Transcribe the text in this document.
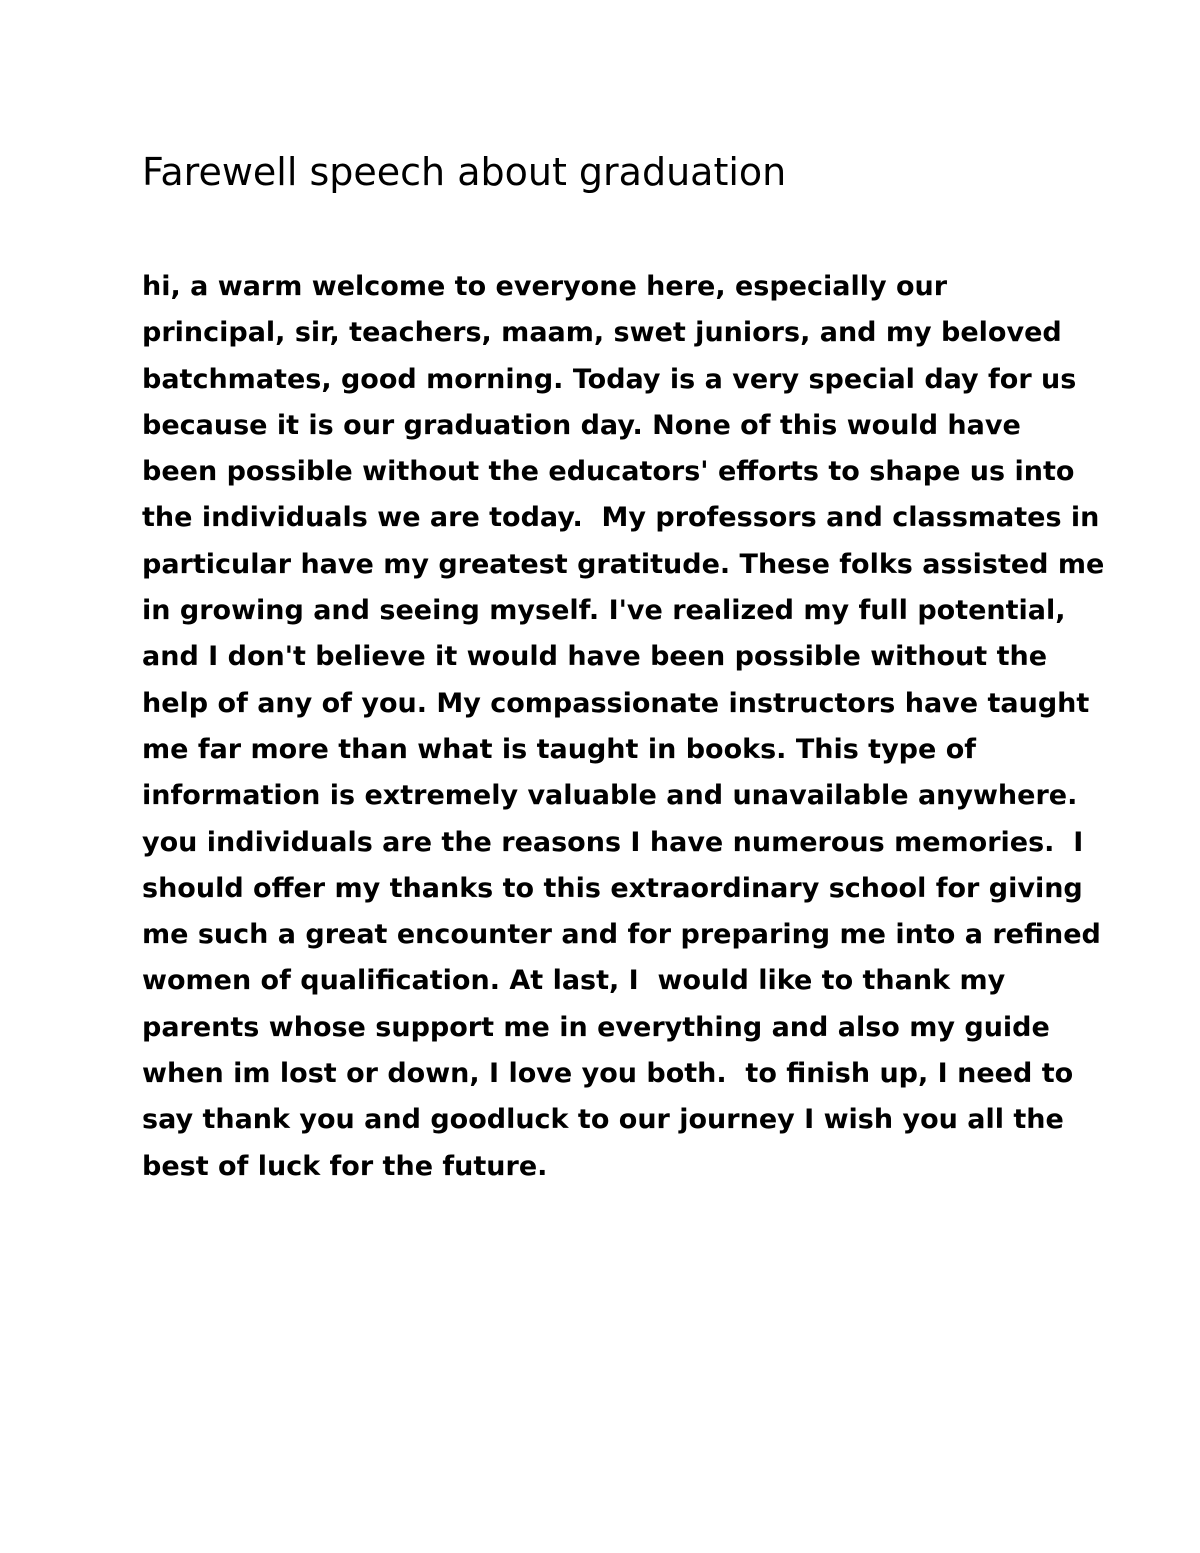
Farewell speech about graduation
hi, a warm welcome to everyone here, especially our
principal, sir, teachers, maam, swet juniors, and my beloved
batchmates, good morning. Today is a very special day for us
because it is our graduation day. None of this would have
been possible without the educators' efforts to shape us into
the individuals we are today.  My professors and classmates in
particular have my greatest gratitude. These folks assisted me
in growing and seeing myself. I've realized my full potential,
and I don't believe it would have been possible without the
help of any of you. My compassionate instructors have taught
me far more than what is taught in books. This type of
information is extremely valuable and unavailable anywhere.
you individuals are the reasons I have numerous memories.  I
should offer my thanks to this extraordinary school for giving
me such a great encounter and for preparing me into a refined
women of qualification. At last, I  would like to thank my
parents whose support me in everything and also my guide
when im lost or down, I love you both.  to finish up, I need to
say thank you and goodluck to our journey I wish you all the
best of luck for the future.
